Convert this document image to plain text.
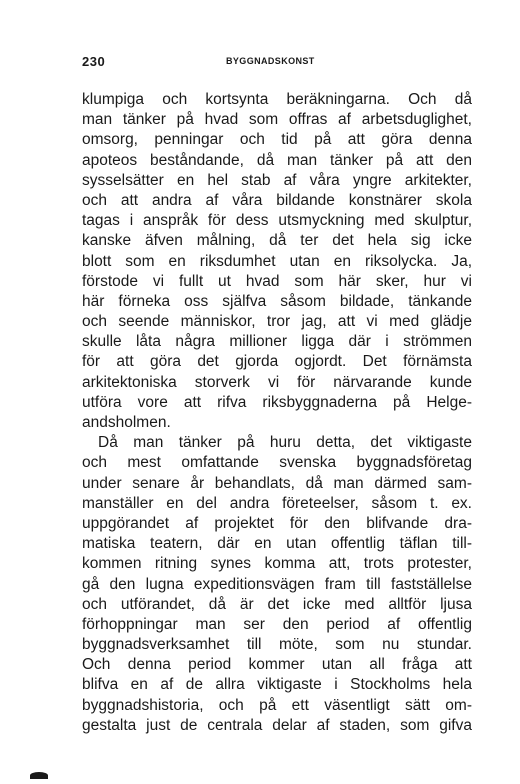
230	BYGGNADSKONST
klumpiga och kortsynta beräkningarna. Och då
man tänker på hvad som offras af arbetsduglighet,
omsorg, penningar och tid på att göra denna
apoteos beståndande, då man tänker på att den
sysselsätter en hel stab af våra yngre arkitekter,
och att andra af våra bildande konstnärer skola
tagas i anspråk för dess utsmyckning med skulptur,
kanske äfven målning, då ter det hela sig icke
blott som en riksdumhet utan en riksolycka. Ja,
förstode vi fullt ut hvad som här sker, hur vi
här förneka oss själfva såsom bildade, tänkande
och seende människor, tror jag, att vi med glädje
skulle låta några millioner ligga där i strömmen
för att göra det gjorda ogjordt. Det förnämsta
arkitektoniska storverk vi för närvarande kunde
utföra vore att rifva riksbyggnaderna på Helge-
andsholmen.
Då man tänker på huru detta, det viktigaste
och mest omfattande svenska byggnadsföretag
under senare år behandlats, då man därmed sam-
manställer en del andra företeelser, såsom t. ex.
uppgörandet af projektet för den blifvande dra-
matiska teatern, där en utan offentlig täflan till-
kommen ritning synes komma att, trots protester,
gå den lugna expeditionsvägen fram till fastställelse
och utförandet, då är det icke med alltför ljusa
förhoppningar man ser den period af offentlig
byggnadsverksamhet till möte, som nu stundar.
Och denna period kommer utan all fråga att
blifva en af de allra viktigaste i Stockholms hela
byggnadshistoria, och på ett väsentligt sätt om-
gestalta just de centrala delar af staden, som gifva
